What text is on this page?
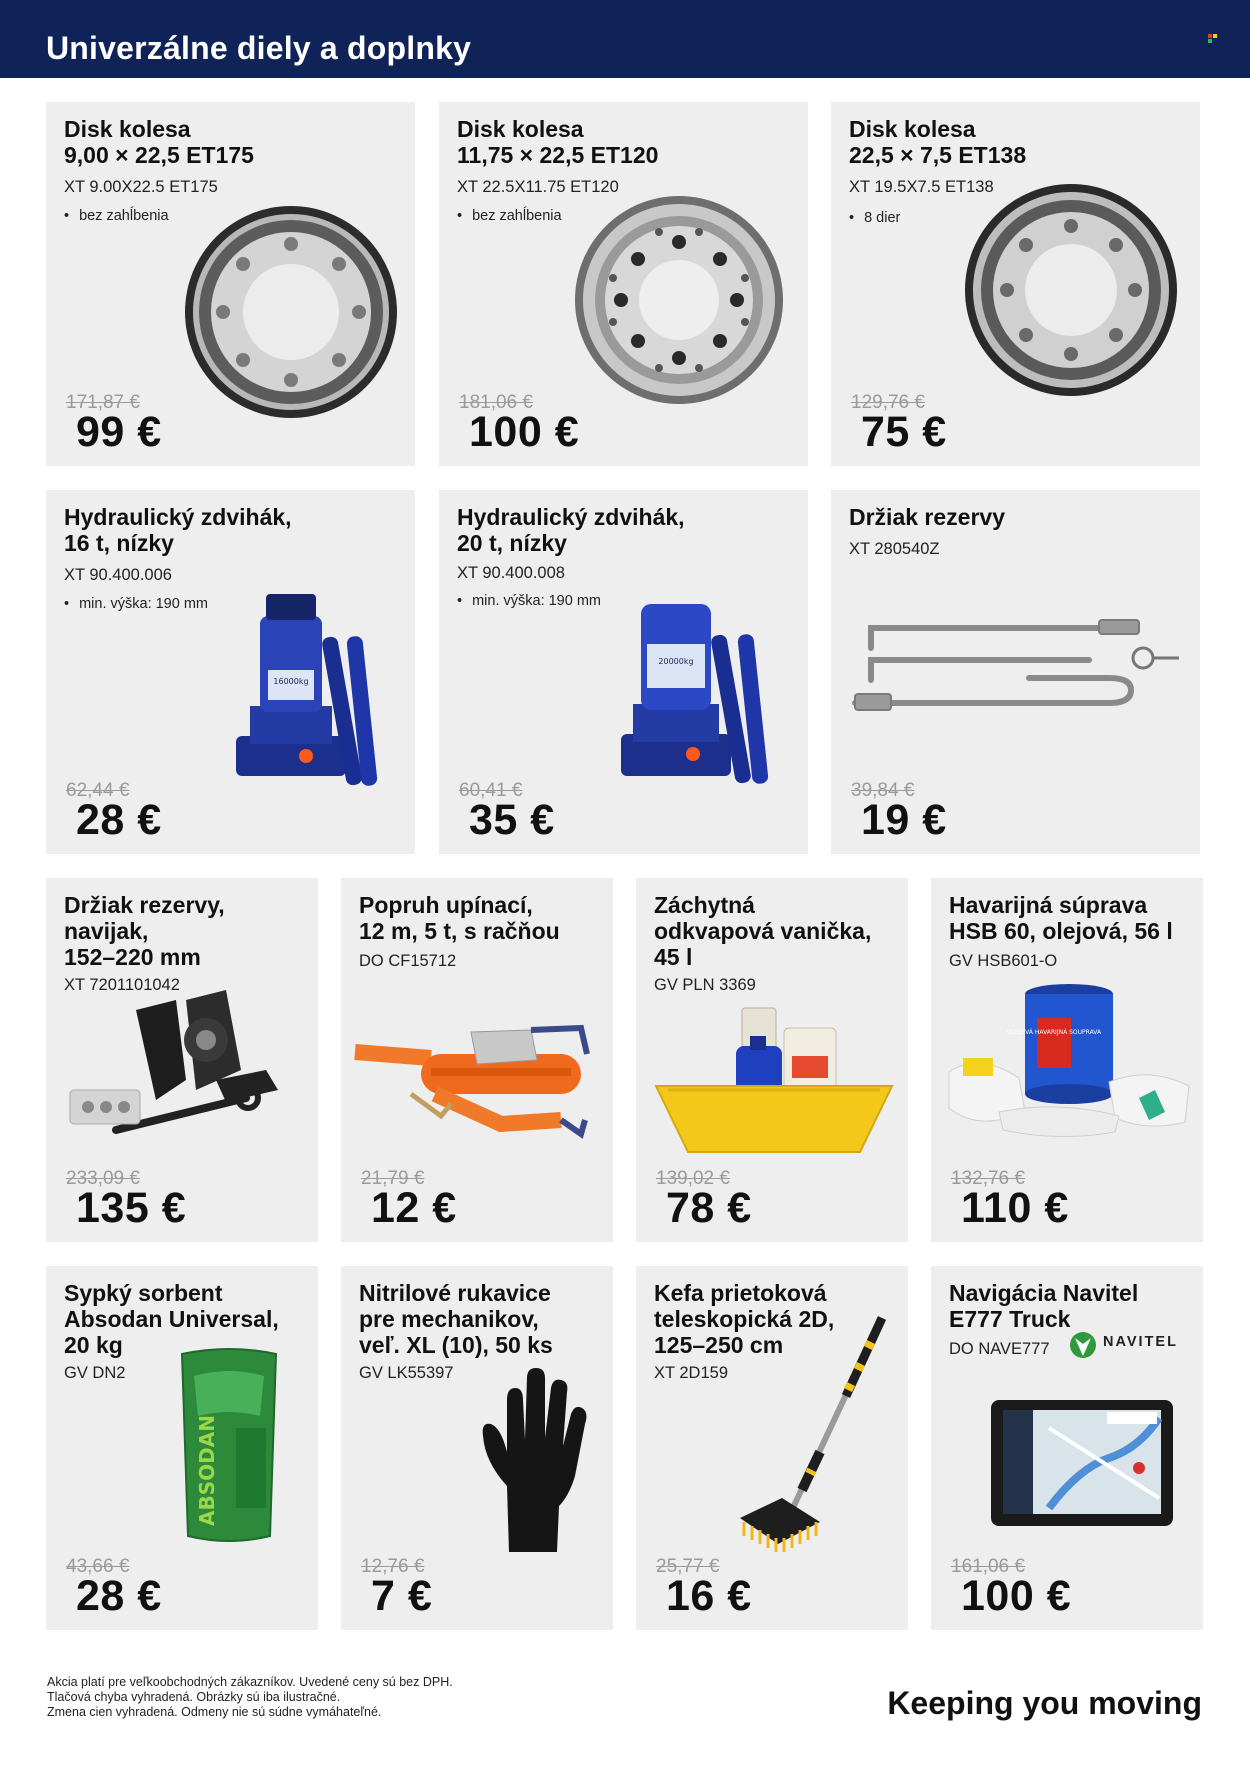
Univerzálne diely a doplnky
Disk kolesa
9,00 × 22,5 ET175
XT 9.00X22.5 ET175
• bez zahĺbenia
171,87 €
99 €
Disk kolesa
11,75 × 22,5 ET120
XT 22.5X11.75 ET120
• bez zahĺbenia
181,06 €
100 €
Disk kolesa
22,5 × 7,5 ET138
XT 19.5X7.5 ET138
• 8 dier
129,76 €
75 €
Hydraulický zdvihák,
16 t, nízky
XT 90.400.006
• min. výška: 190 mm
16000kg
62,44 €
28 €
Hydraulický zdvihák,
20 t, nízky
XT 90.400.008
• min. výška: 190 mm
20000kg
60,41 €
35 €
Držiak rezervy
XT 280540Z
39,84 €
19 €
Držiak rezervy,
navijak,
152–220 mm
XT 7201101042
233,09 €
135 €
Popruh upínací,
12 m, 5 t, s račňou
DO CF15712
21,79 €
12 €
Záchytná
odkvapová vanička,
45 l
GV PLN 3369
139,02 €
78 €
Havarijná súprava
HSB 60, olejová, 56 l
GV HSB601-O
OLEJOVÁ HAVARIJNÁ SOUPRAVA
132,76 €
110 €
Sypký sorbent
Absodan Universal,
20 kg
GV DN2
ABSODAN
43,66 €
28 €
Nitrilové rukavice
pre mechanikov,
veľ. XL (10), 50 ks
GV LK55397
12,76 €
7 €
Kefa prietoková
teleskopická 2D,
125–250 cm
XT 2D159
25,77 €
16 €
Navigácia Navitel
E777 Truck
DO NAVE777	NAVITEL
161,06 €
100 €
Akcia platí pre veľkoobchodných zákazníkov. Uvedené ceny sú bez DPH.
Tlačová chyba vyhradená. Obrázky sú iba ilustračné.
Zmena cien vyhradená. Odmeny nie sú súdne vymáhateľné.	Keeping you moving
